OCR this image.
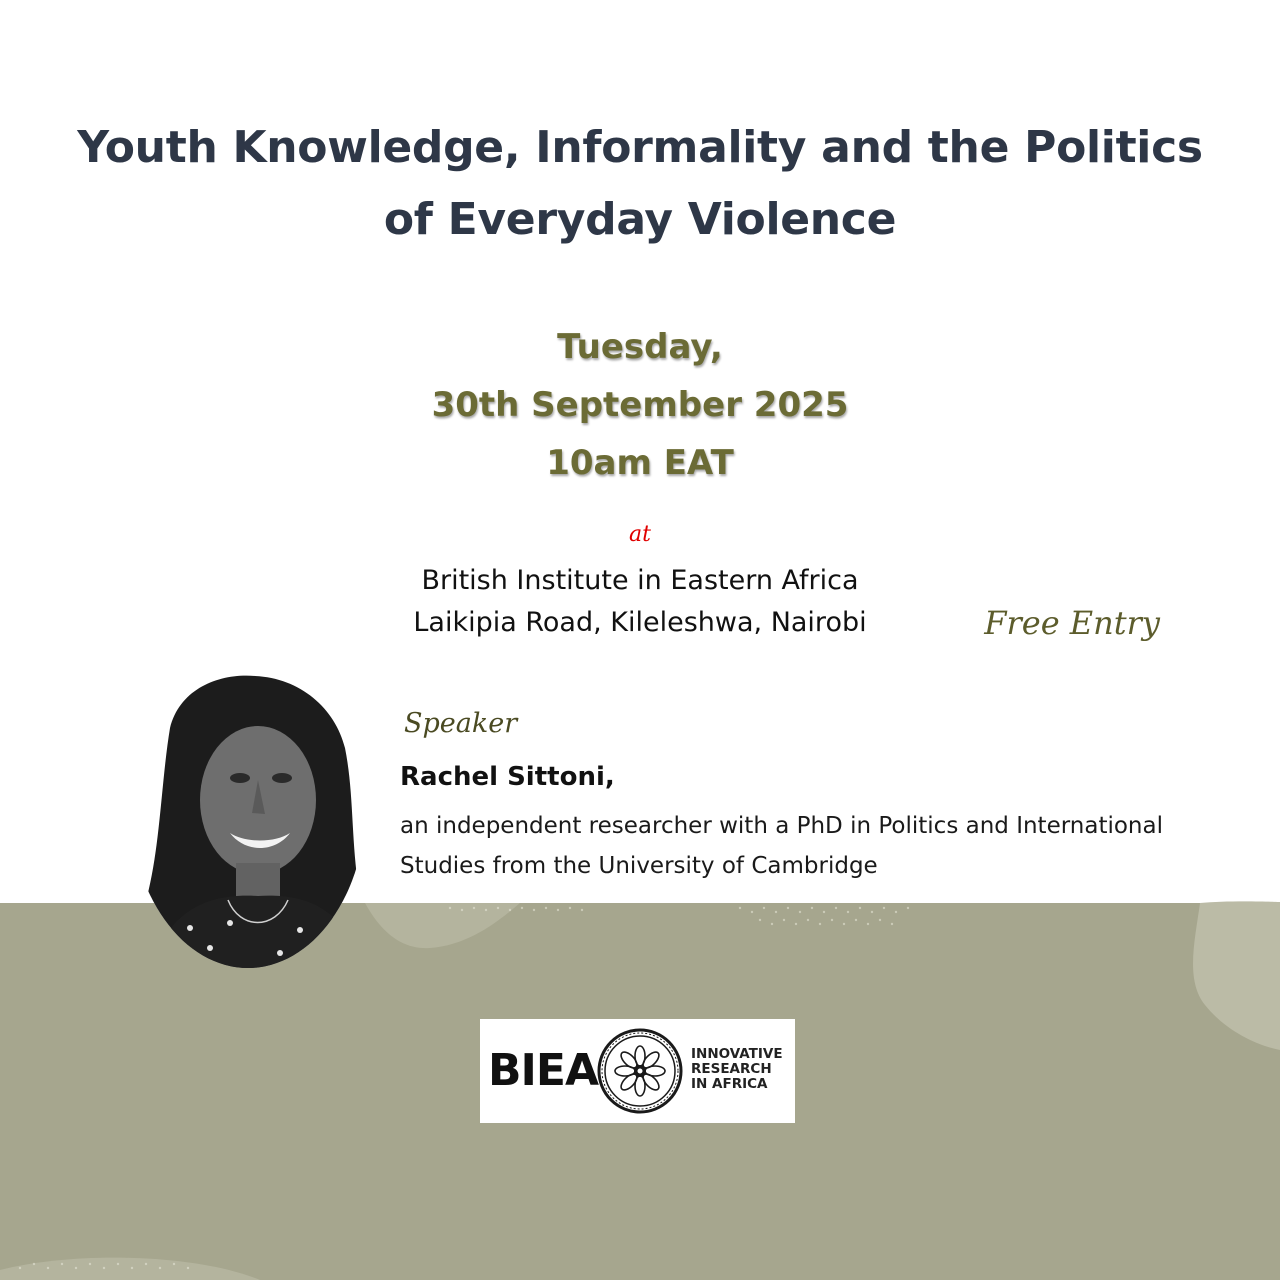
Youth Knowledge, Informality and the Politics
of Everyday Violence
Tuesday,
30th September 2025
10am EAT
at
British Institute in Eastern Africa
Laikipia Road, Kileleshwa, Nairobi	Free Entry
Speaker
Rachel Sittoni,
an independent researcher with a PhD in Politics and International Studies from the University of Cambridge
BIEA	INNOVATIVE
RESEARCH
IN AFRICA
